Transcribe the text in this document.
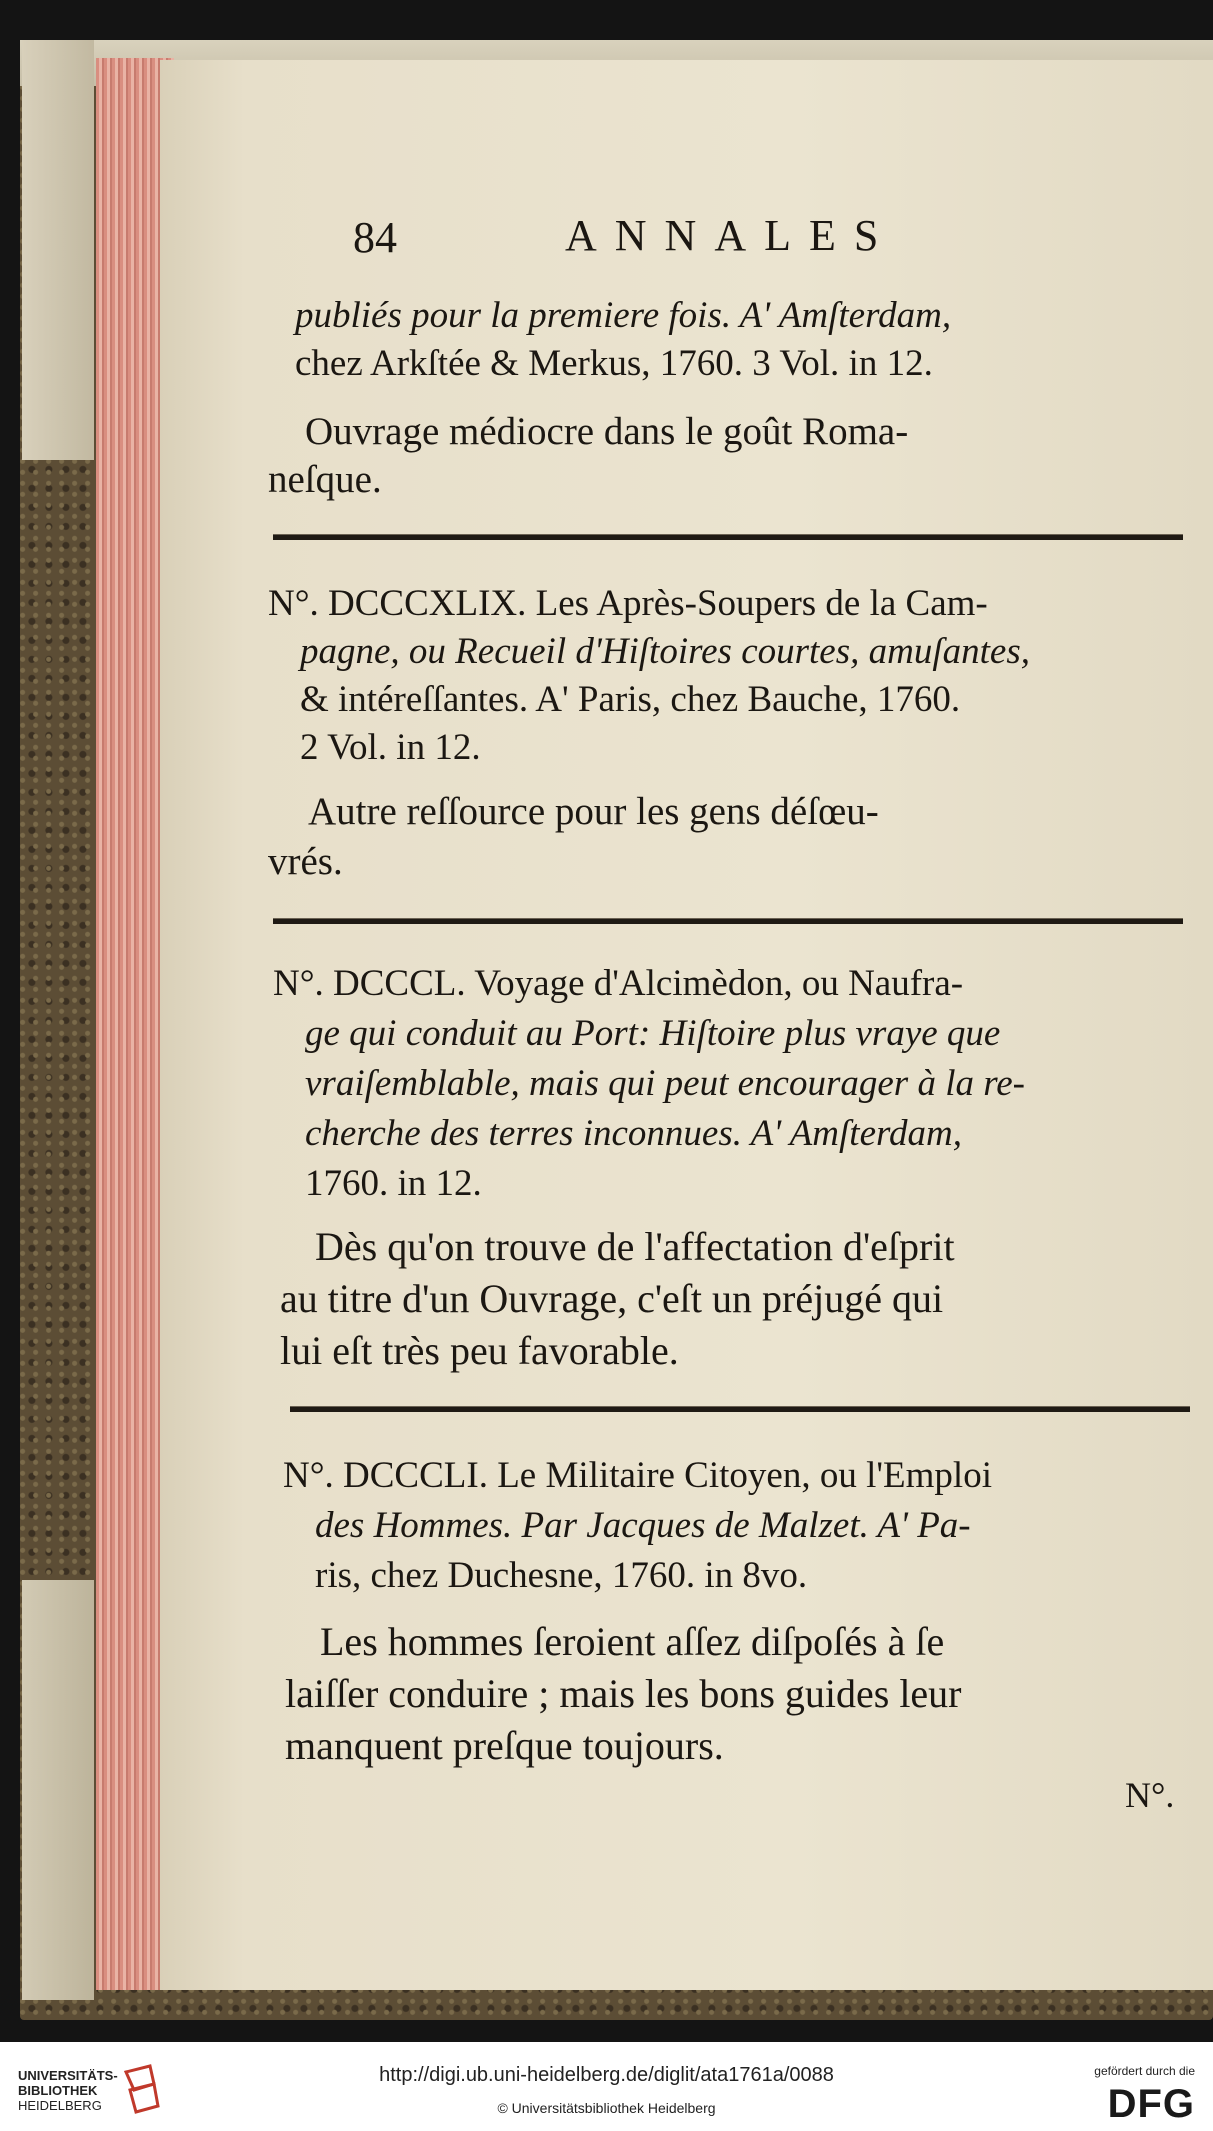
84	ANNALES
publiés pour la premiere fois. A' Amſterdam,
chez Arkſtée & Merkus, 1760. 3 Vol. in 12.
Ouvrage médiocre dans le goût Roma-
neſque.
N°. DCCCXLIX. Les Après-Soupers de la Cam-
pagne, ou Recueil d'Hiſtoires courtes, amuſantes,
& intéreſſantes. A' Paris, chez Bauche, 1760.
2 Vol. in 12.
Autre reſſource pour les gens déſœu-
vrés.
N°. DCCCL. Voyage d'Alcimèdon, ou Naufra-
ge qui conduit au Port: Hiſtoire plus vraye que
vraiſemblable, mais qui peut encourager à la re-
cherche des terres inconnues. A' Amſterdam,
1760. in 12.
Dès qu'on trouve de l'affectation d'eſprit
au titre d'un Ouvrage, c'eſt un préjugé qui
lui eſt très peu favorable.
N°. DCCCLI. Le Militaire Citoyen, ou l'Emploi
des Hommes. Par Jacques de Malzet. A' Pa-
ris, chez Duchesne, 1760. in 8vo.
Les hommes ſeroient aſſez diſpoſés à ſe
laiſſer conduire ; mais les bons guides leur
manquent preſque toujours.
N°.
UNIVERSITÄTS-
BIBLIOTHEK
HEIDELBERG
http://digi.ub.uni-heidelberg.de/diglit/ata1761a/0088
© Universitätsbibliothek Heidelberg
gefördert durch die
DFG
